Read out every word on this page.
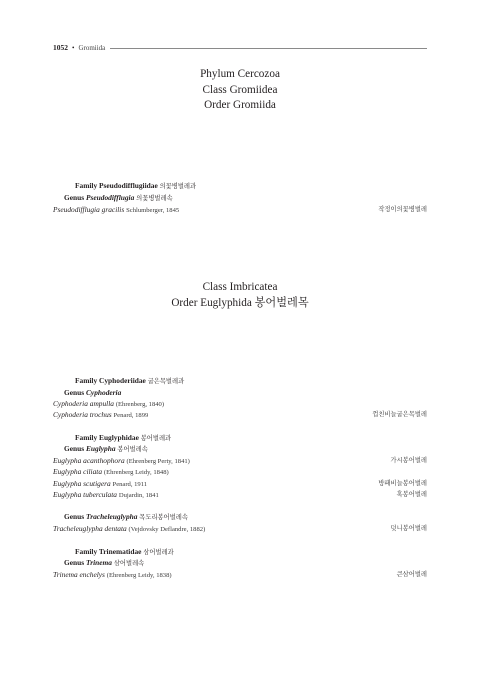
1052 • Gromiida
Phylum Cercozoa
Class Gromiidea
Order Gromiida
Family Pseudodifflugiidae 의꽃병벌레과
Genus Pseudodifflugia 의꽃병벌레속
Pseudodifflugia gracilis Schlumberger, 1845	작정이의꽃병벌레
Class Imbricatea
Order Euglyphida 봉어벌레목
Family Cyphoderiidae 굽은목벌레과
Genus Cyphoderia
Cyphoderia ampulla (Ehrenberg, 1840)
Cyphoderia trochus Penard, 1899	껍친비늘굽은목벌레
Family Euglyphidae 봉어벌레과
Genus Euglypha 봉어벌레속
Euglypha acanthophora (Ehrenberg Perty, 1841)	가시봉어벌레
Euglypha ciliata (Ehrenberg Leidy, 1848)
Euglypha scutigera Penard, 1911	방패비늘봉어벌레
Euglypha tuberculata Dujardin, 1841	혹봉어벌레
Genus Tracheleuglypha 목도리봉어벌레속
Tracheleuglypha dentata (Vejdovsky Deflandre, 1882)	덧니봉어벌레
Family Trinematidae 삼어벌레과
Genus Trinema 삼어벌레속
Trinema enchelys (Ehrenberg Leidy, 1838)	큰삼어벌레
